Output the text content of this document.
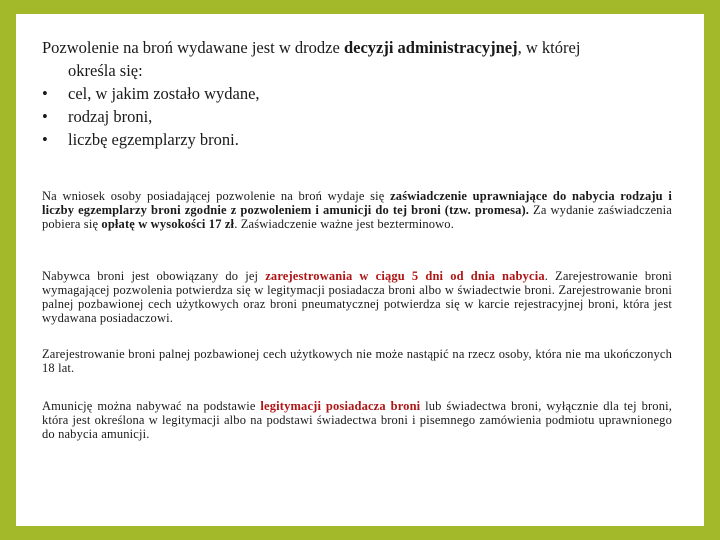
Pozwolenie na broń wydawane jest w drodze decyzji administracyjnej, w której
określa się:
•	cel, w jakim zostało wydane,
•	rodzaj broni,
•	liczbę egzemplarzy broni.

Na wniosek osoby posiadającej pozwolenie na broń wydaje się zaświadczenie uprawniające do nabycia rodzaju i liczby egzemplarzy broni zgodnie z pozwoleniem i amunicji do tej broni (tzw. promesa). Za wydanie zaświadczenia pobiera się opłatę w wysokości 17 zł. Zaświadczenie ważne jest bezterminowo.

Nabywca broni jest obowiązany do jej zarejestrowania w ciągu 5 dni od dnia nabycia. Zarejestrowanie broni wymagającej pozwolenia potwierdza się w legitymacji posiadacza broni albo w świadectwie broni. Zarejestrowanie broni palnej pozbawionej cech użytkowych oraz broni pneumatycznej potwierdza się w karcie rejestracyjnej broni, która jest wydawana posiadaczowi.

Zarejestrowanie broni palnej pozbawionej cech użytkowych nie może nastąpić na rzecz osoby, która nie ma ukończonych 18 lat.

Amunicję można nabywać na podstawie legitymacji posiadacza broni lub świadectwa broni, wyłącznie dla tej broni, która jest określona w legitymacji albo na podstawi świadectwa broni i pisemnego zamówienia podmiotu uprawnionego do nabycia amunicji.
